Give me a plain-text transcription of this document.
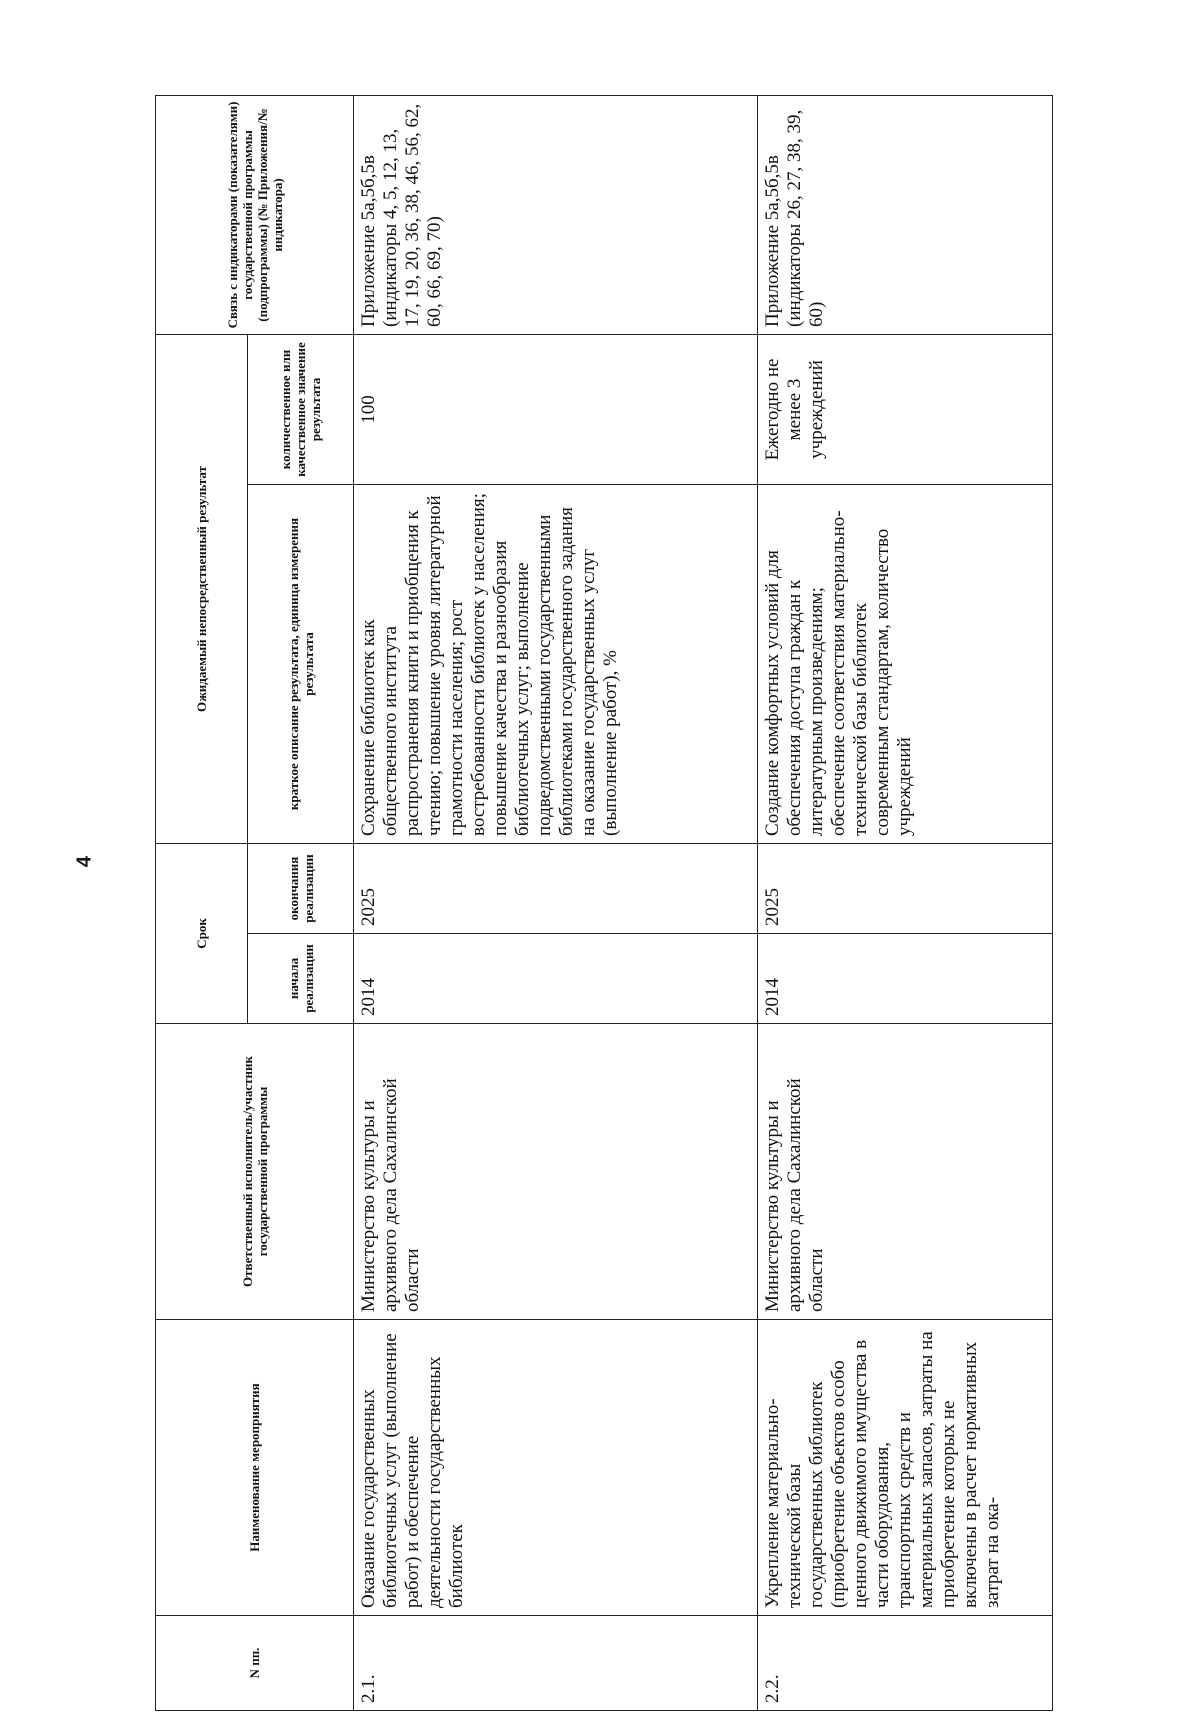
4
N пп.	Наименование мероприятия	Ответственный исполнитель/участник государственной программы	Срок		Ожидаемый непосредственный результат		Связь с индикаторами (показателями) государственной программы (подпрограммы) (№ Приложения/№ индикатора)
			начала реализации	окончания реализации	краткое описание результата, единица измерения результата	количественное или качественное значение результата	
2.1.	Оказание государственных библиотечных услуг (выполнение работ) и обеспечение деятельности государственных библиотек	Министерство культуры и архивного дела Сахалинской области	2014	2025	Сохранение библиотек как общественного института распространения книги и приобщения к чтению; повышение уровня литературной грамотности населения; рост востребованности библиотек у населения; повышение качества и разнообразия библиотечных услуг; выполнение подведомственными государственными библиотеками государственного задания на оказание государственных услуг (выполнение работ), %	100	Приложение 5а,5б,5в (индикаторы 4, 5, 12, 13, 17, 19, 20, 36, 38, 46, 56, 62, 60, 66, 69, 70)
2.2.	Укрепление материально-технической базы государственных библиотек (приобретение объектов особо ценного движимого имущества в части оборудования, транспортных средств и материальных запасов, затраты на приобретение которых не включены в расчет нормативных затрат на ока-	Министерство культуры и архивного дела Сахалинской области	2014	2025	Создание комфортных условий для обеспечения доступа граждан к литературным произведениям; обеспечение соответствия материально-технической базы библиотек современным стандартам, количество учреждений	Ежегодно не менее 3 учреждений	Приложение 5а,5б,5в (индикаторы 26, 27, 38, 39, 60)
